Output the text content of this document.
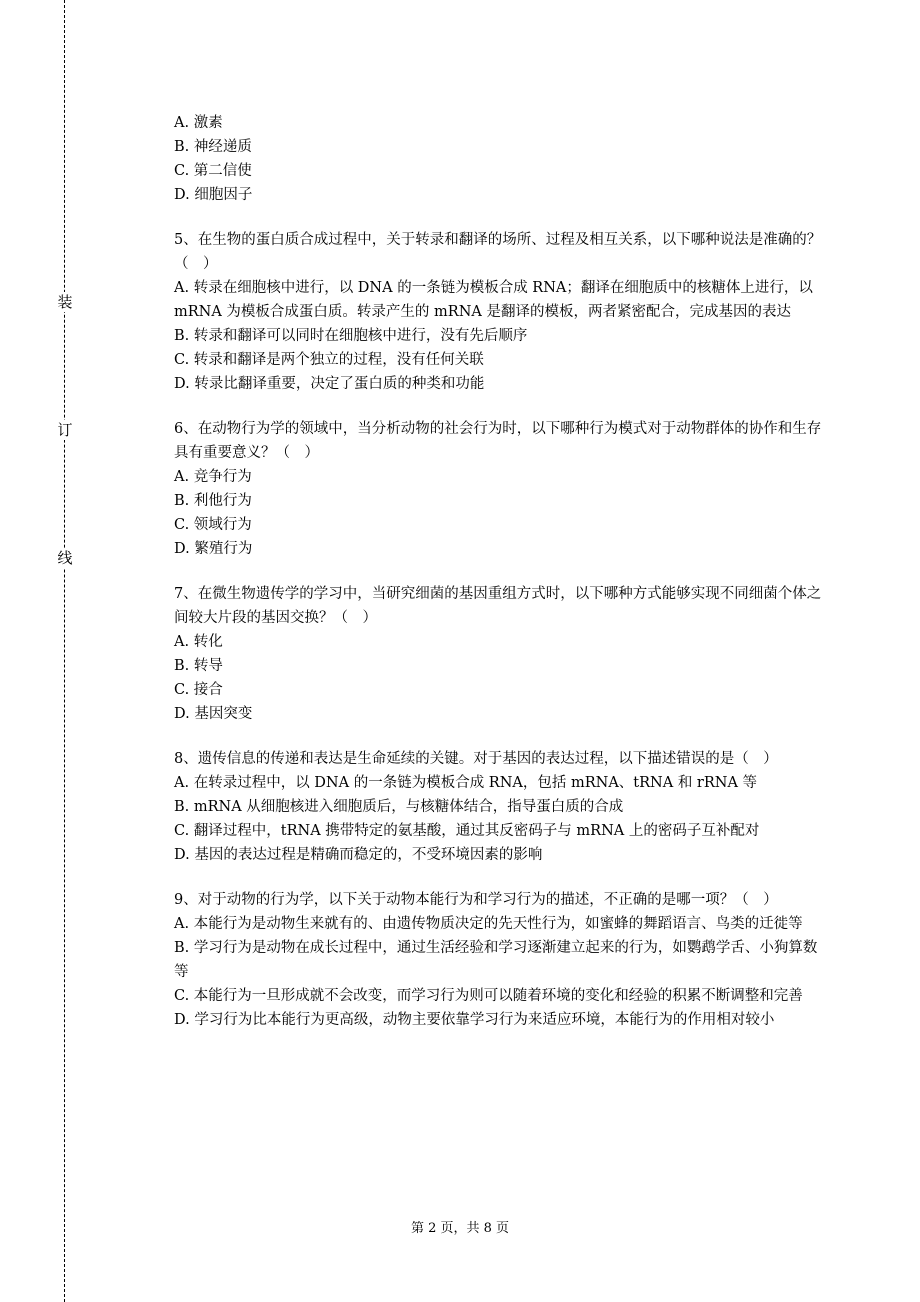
装
订
线
A. 激素
B. 神经递质
C. 第二信使
D. 细胞因子
5、在生物的蛋白质合成过程中，关于转录和翻译的场所、过程及相互关系，以下哪种说法是准确的？（　）
A. 转录在细胞核中进行，以 DNA 的一条链为模板合成 RNA；翻译在细胞质中的核糖体上进行，以 mRNA 为模板合成蛋白质。转录产生的 mRNA 是翻译的模板，两者紧密配合，完成基因的表达
B. 转录和翻译可以同时在细胞核中进行，没有先后顺序
C. 转录和翻译是两个独立的过程，没有任何关联
D. 转录比翻译重要，决定了蛋白质的种类和功能
6、在动物行为学的领域中，当分析动物的社会行为时，以下哪种行为模式对于动物群体的协作和生存具有重要意义？（　）
A. 竞争行为
B. 利他行为
C. 领域行为
D. 繁殖行为
7、在微生物遗传学的学习中，当研究细菌的基因重组方式时，以下哪种方式能够实现不同细菌个体之间较大片段的基因交换？（　）
A. 转化
B. 转导
C. 接合
D. 基因突变
8、遗传信息的传递和表达是生命延续的关键。对于基因的表达过程，以下描述错误的是（　）
A. 在转录过程中，以 DNA 的一条链为模板合成 RNA，包括 mRNA、tRNA 和 rRNA 等
B. mRNA 从细胞核进入细胞质后，与核糖体结合，指导蛋白质的合成
C. 翻译过程中，tRNA 携带特定的氨基酸，通过其反密码子与 mRNA 上的密码子互补配对
D. 基因的表达过程是精确而稳定的，不受环境因素的影响
9、对于动物的行为学，以下关于动物本能行为和学习行为的描述，不正确的是哪一项？（　）
A. 本能行为是动物生来就有的、由遗传物质决定的先天性行为，如蜜蜂的舞蹈语言、鸟类的迁徙等
B. 学习行为是动物在成长过程中，通过生活经验和学习逐渐建立起来的行为，如鹦鹉学舌、小狗算数等
C. 本能行为一旦形成就不会改变，而学习行为则可以随着环境的变化和经验的积累不断调整和完善
D. 学习行为比本能行为更高级，动物主要依靠学习行为来适应环境，本能行为的作用相对较小
第 2 页，共 8 页
